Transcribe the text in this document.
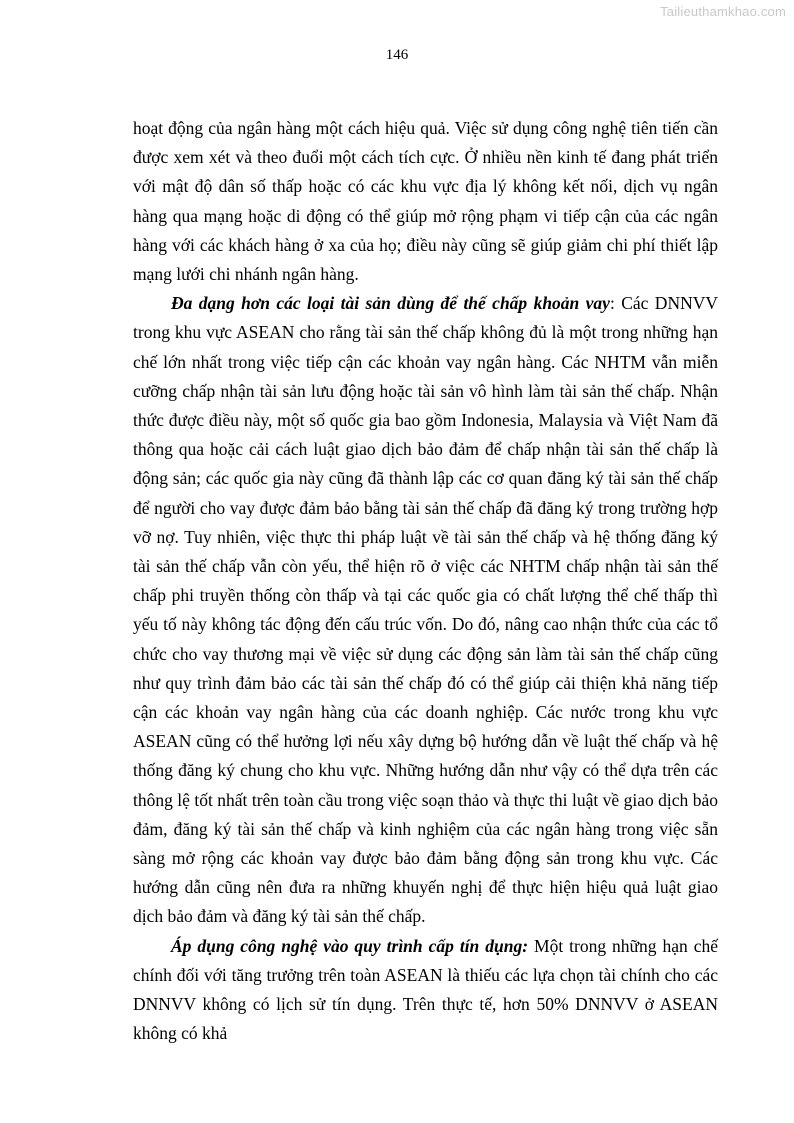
Tailieuthamkhao.com
146

hoạt động của ngân hàng một cách hiệu quả. Việc sử dụng công nghệ tiên tiến cần được xem xét và theo đuổi một cách tích cực. Ở nhiều nền kinh tế đang phát triển với mật độ dân số thấp hoặc có các khu vực địa lý không kết nối, dịch vụ ngân hàng qua mạng hoặc di động có thể giúp mở rộng phạm vi tiếp cận của các ngân hàng với các khách hàng ở xa của họ; điều này cũng sẽ giúp giảm chi phí thiết lập mạng lưới chi nhánh ngân hàng.

Đa dạng hơn các loại tài sản dùng để thế chấp khoản vay: Các DNNVV trong khu vực ASEAN cho rằng tài sản thế chấp không đủ là một trong những hạn chế lớn nhất trong việc tiếp cận các khoản vay ngân hàng. Các NHTM vẫn miễn cưỡng chấp nhận tài sản lưu động hoặc tài sản vô hình làm tài sản thế chấp. Nhận thức được điều này, một số quốc gia bao gồm Indonesia, Malaysia và Việt Nam đã thông qua hoặc cải cách luật giao dịch bảo đảm để chấp nhận tài sản thế chấp là động sản; các quốc gia này cũng đã thành lập các cơ quan đăng ký tài sản thế chấp để người cho vay được đảm bảo bằng tài sản thế chấp đã đăng ký trong trường hợp vỡ nợ. Tuy nhiên, việc thực thi pháp luật về tài sản thế chấp và hệ thống đăng ký tài sản thế chấp vẫn còn yếu, thể hiện rõ ở việc các NHTM chấp nhận tài sản thế chấp phi truyền thống còn thấp và tại các quốc gia có chất lượng thể chế thấp thì yếu tố này không tác động đến cấu trúc vốn. Do đó, nâng cao nhận thức của các tổ chức cho vay thương mại về việc sử dụng các động sản làm tài sản thế chấp cũng như quy trình đảm bảo các tài sản thế chấp đó có thể giúp cải thiện khả năng tiếp cận các khoản vay ngân hàng của các doanh nghiệp. Các nước trong khu vực ASEAN cũng có thể hưởng lợi nếu xây dựng bộ hướng dẫn về luật thế chấp và hệ thống đăng ký chung cho khu vực. Những hướng dẫn như vậy có thể dựa trên các thông lệ tốt nhất trên toàn cầu trong việc soạn thảo và thực thi luật về giao dịch bảo đảm, đăng ký tài sản thế chấp và kinh nghiệm của các ngân hàng trong việc sẵn sàng mở rộng các khoản vay được bảo đảm bằng động sản trong khu vực. Các hướng dẫn cũng nên đưa ra những khuyến nghị để thực hiện hiệu quả luật giao dịch bảo đảm và đăng ký tài sản thế chấp.

Áp dụng công nghệ vào quy trình cấp tín dụng: Một trong những hạn chế chính đối với tăng trưởng trên toàn ASEAN là thiếu các lựa chọn tài chính cho các DNNVV không có lịch sử tín dụng. Trên thực tế, hơn 50% DNNVV ở ASEAN không có khả
